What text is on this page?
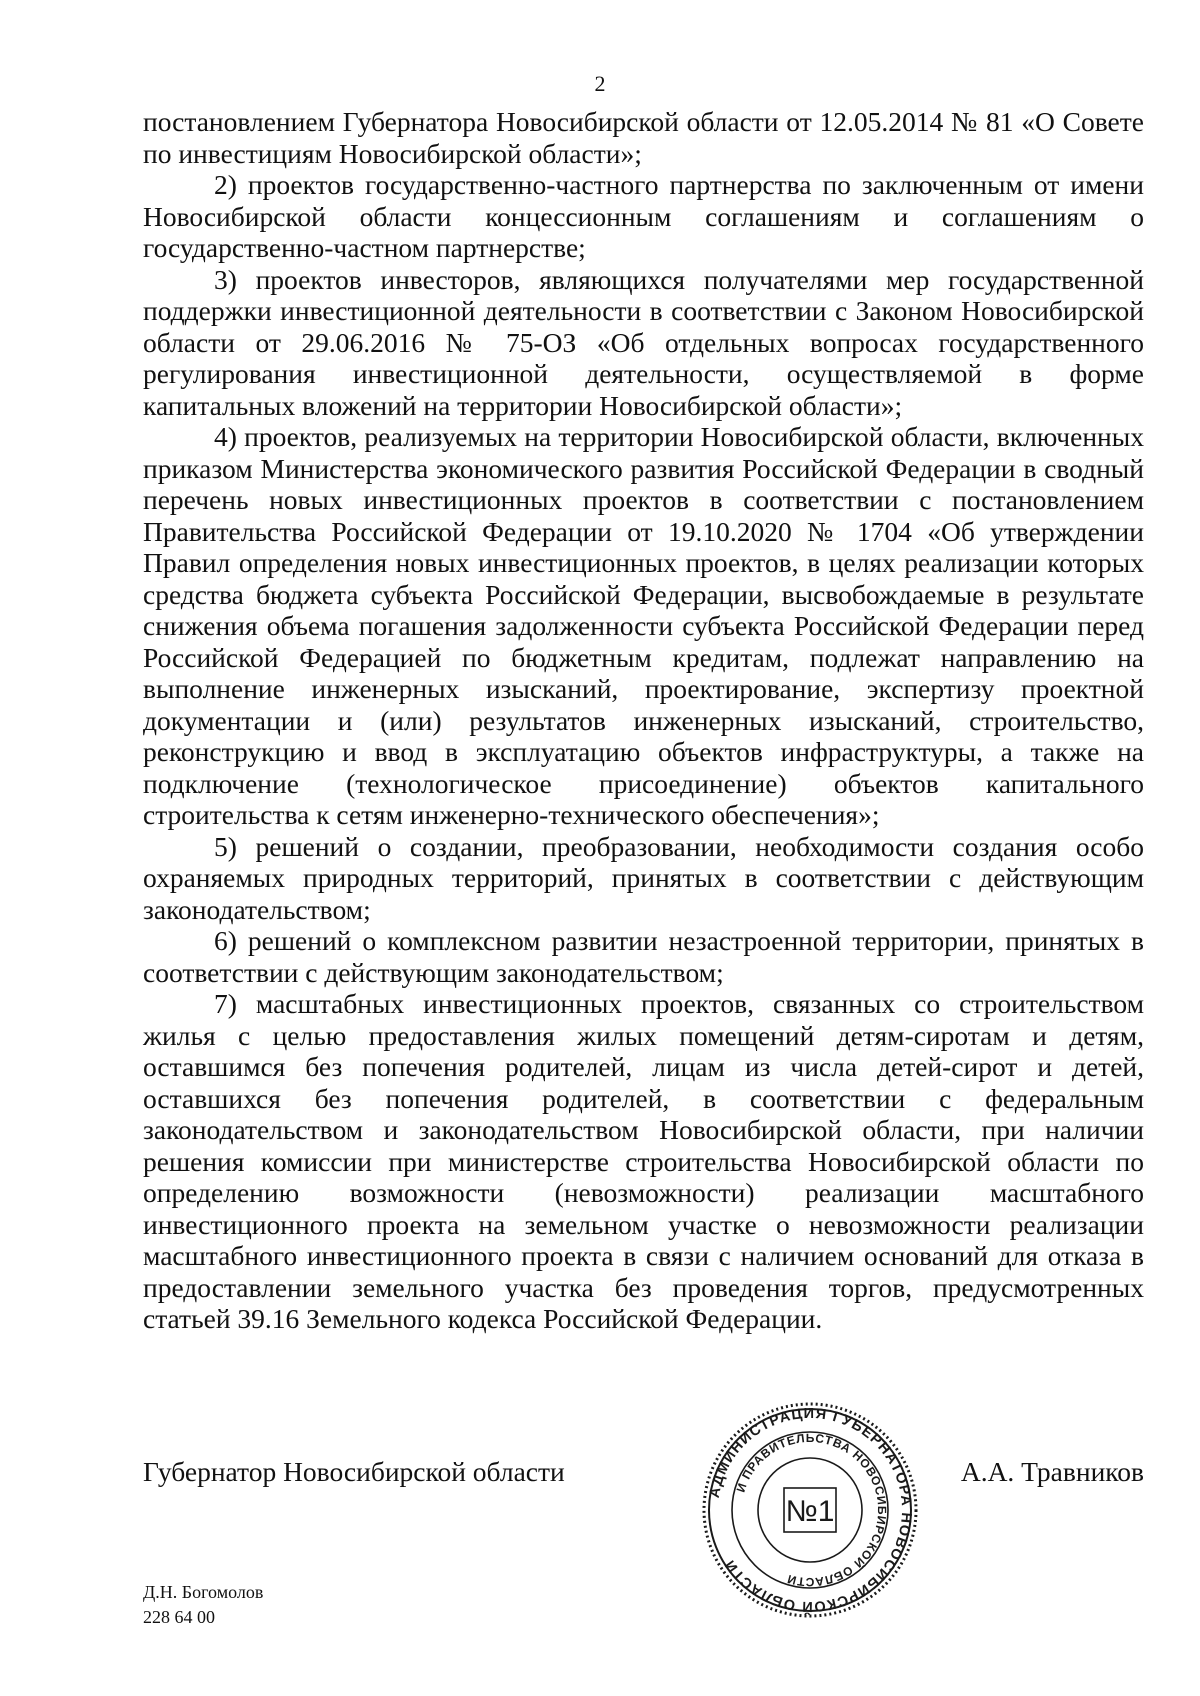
2

постановлением Губернатора Новосибирской области от 12.05.2014 № 81 «О Совете по инвестициям Новосибирской области»;

2) проектов государственно-частного партнерства по заключенным от имени Новосибирской области концессионным соглашениям и соглашениям о государственно-частном партнерстве;

3) проектов инвесторов, являющихся получателями мер государственной поддержки инвестиционной деятельности в соответствии с Законом Новосибирской области от 29.06.2016 № 75-ОЗ «Об отдельных вопросах государственного регулирования инвестиционной деятельности, осуществляемой в форме капитальных вложений на территории Новосибирской области»;

4) проектов, реализуемых на территории Новосибирской области, включенных приказом Министерства экономического развития Российской Федерации в сводный перечень новых инвестиционных проектов в соответствии с постановлением Правительства Российской Федерации от 19.10.2020 № 1704 «Об утверждении Правил определения новых инвестиционных проектов, в целях реализации которых средства бюджета субъекта Российской Федерации, высвобождаемые в результате снижения объема погашения задолженности субъекта Российской Федерации перед Российской Федерацией по бюджетным кредитам, подлежат направлению на выполнение инженерных изысканий, проектирование, экспертизу проектной документации и (или) результатов инженерных изысканий, строительство, реконструкцию и ввод в эксплуатацию объектов инфраструктуры, а также на подключение (технологическое присоединение) объектов капитального строительства к сетям инженерно-технического обеспечения»;

5) решений о создании, преобразовании, необходимости создания особо охраняемых природных территорий, принятых в соответствии с действующим законодательством;

6) решений о комплексном развитии незастроенной территории, принятых в соответствии с действующим законодательством;

7) масштабных инвестиционных проектов, связанных со строительством жилья с целью предоставления жилых помещений детям-сиротам и детям, оставшимся без попечения родителей, лицам из числа детей-сирот и детей, оставшихся без попечения родителей, в соответствии с федеральным законодательством и законодательством Новосибирской области, при наличии решения комиссии при министерстве строительства Новосибирской области по определению возможности (невозможности) реализации масштабного инвестиционного проекта на земельном участке о невозможности реализации масштабного инвестиционного проекта в связи с наличием оснований для отказа в предоставлении земельного участка без проведения торгов, предусмотренных статьей 39.16 Земельного кодекса Российской Федерации.

Губернатор Новосибирской области	А.А. Травников
АДМИНИСТРАЦИЯ ГУБЕРНАТОРА НОВОСИБИРСКОЙ ОБЛАСТИ
И ПРАВИТЕЛЬСТВА НОВОСИБИРСКОЙ ОБЛАСТИ
№1
Д.Н. Богомолов
228 64 00
